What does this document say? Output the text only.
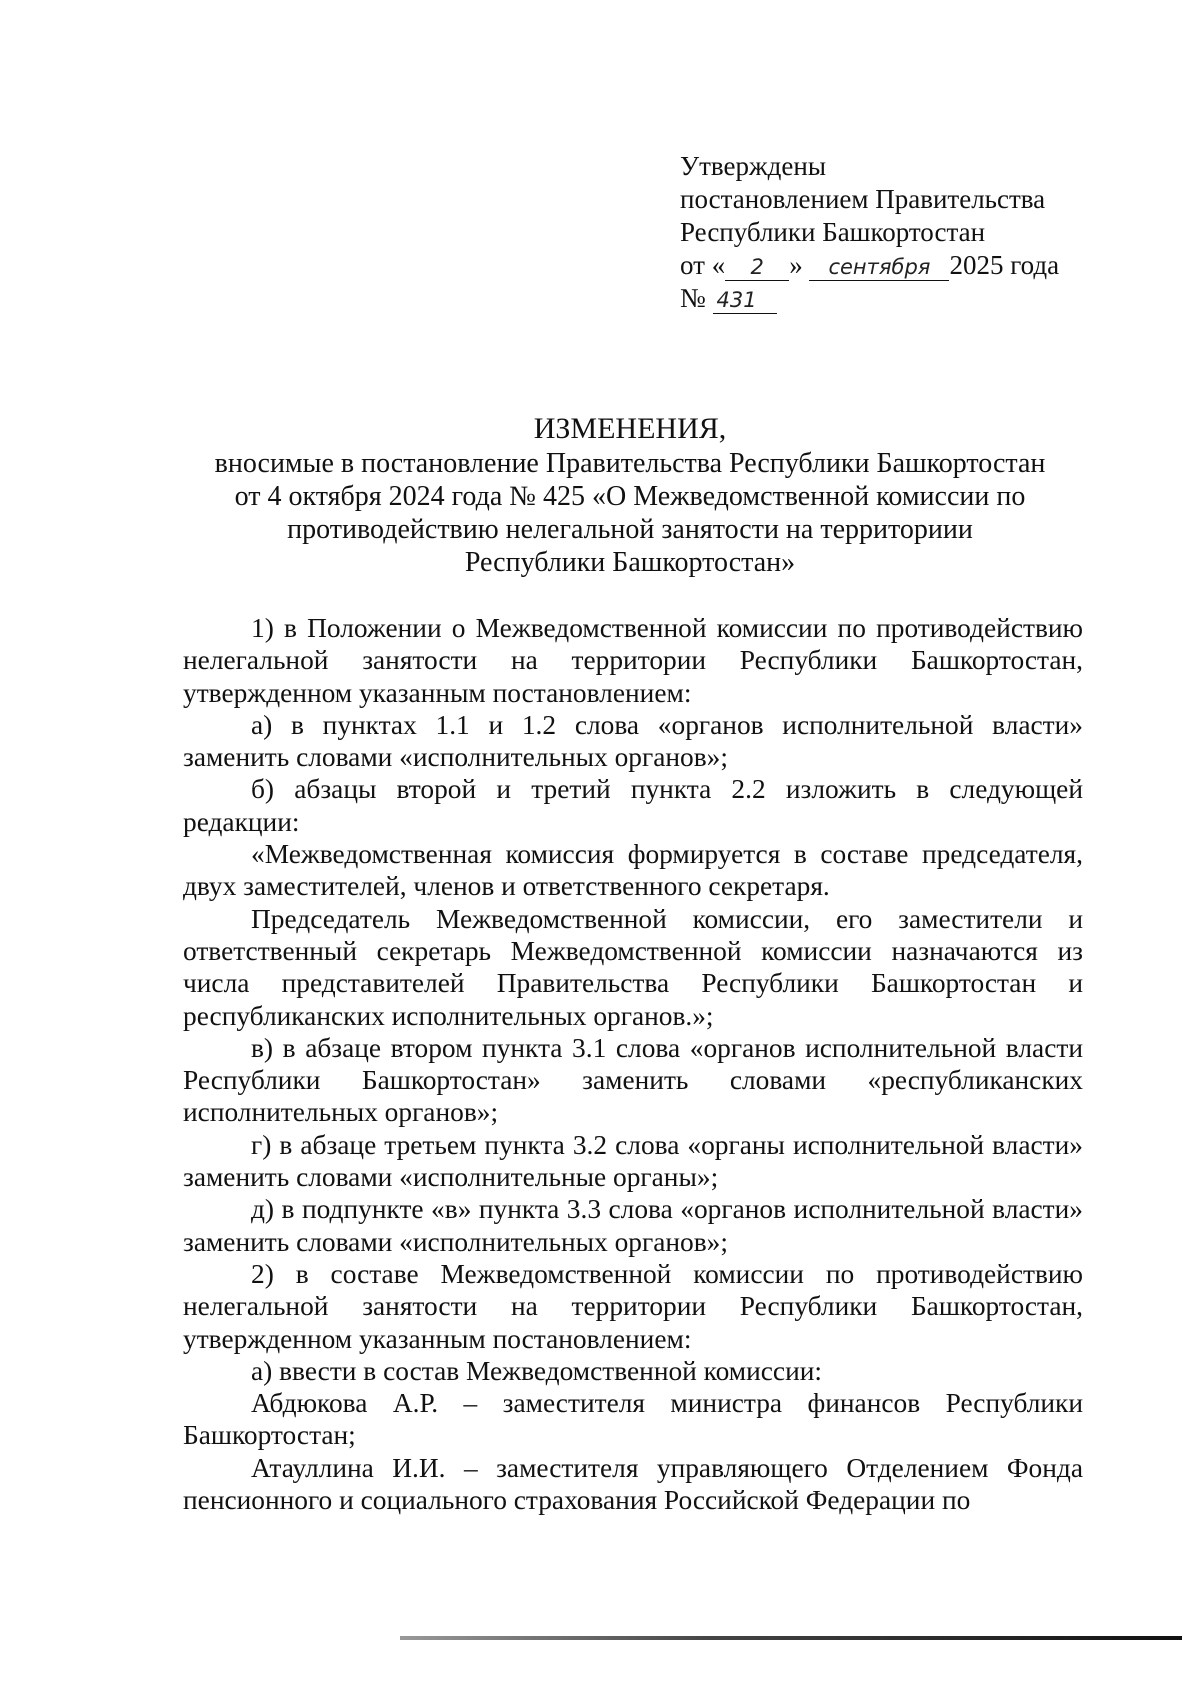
Утверждены
постановлением Правительства
Республики Башкортостан
от « 2 » сентября 2025 года
№ 431
ИЗМЕНЕНИЯ,
вносимые в постановление Правительства Республики Башкортостан
от 4 октября 2024 года № 425 «О Межведомственной комиссии по
противодействию нелегальной занятости на территориии
Республики Башкортостан»

1) в Положении о Межведомственной комиссии по противодействию нелегальной занятости на территории Республики Башкортостан, утвержденном указанным постановлением:

а) в пунктах 1.1 и 1.2 слова «органов исполнительной власти» заменить словами «исполнительных органов»;

б) абзацы второй и третий пункта 2.2 изложить в следующей редакции:

«Межведомственная комиссия формируется в составе председателя, двух заместителей, членов и ответственного секретаря.

Председатель Межведомственной комиссии, его заместители и ответственный секретарь Межведомственной комиссии назначаются из числа представителей Правительства Республики Башкортостан и республиканских исполнительных органов.»;

в) в абзаце втором пункта 3.1 слова «органов исполнительной власти Республики Башкортостан» заменить словами «республиканских исполнительных органов»;

г) в абзаце третьем пункта 3.2 слова «органы исполнительной власти» заменить словами «исполнительные органы»;

д) в подпункте «в» пункта 3.3 слова «органов исполнительной власти» заменить словами «исполнительных органов»;

2) в составе Межведомственной комиссии по противодействию нелегальной занятости на территории Республики Башкортостан, утвержденном указанным постановлением:

а) ввести в состав Межведомственной комиссии:

Абдюкова А.Р. – заместителя министра финансов Республики Башкортостан;

Атауллина И.И. – заместителя управляющего Отделением Фонда пенсионного и социального страхования Российской Федерации по
